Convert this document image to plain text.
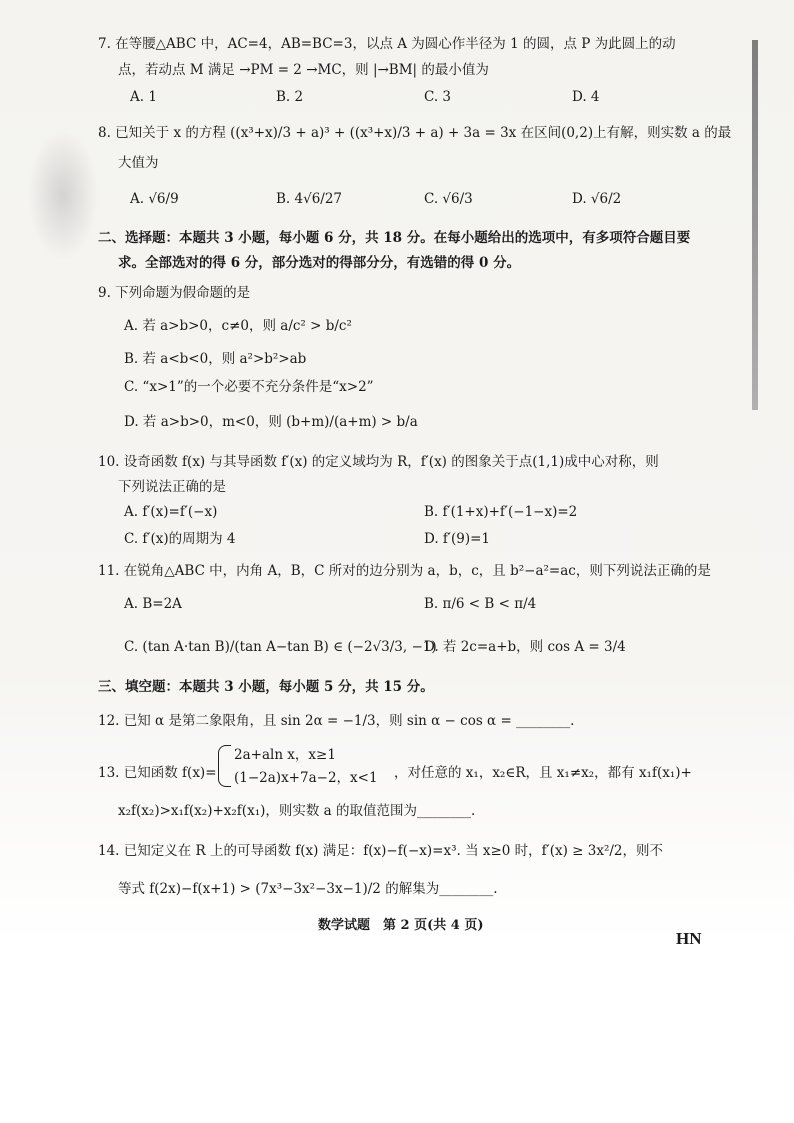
7. 在等腰△ABC 中，AC=4，AB=BC=3，以点 A 为圆心作半径为 1 的圆，点 P 为此圆上的动
点，若动点 M 满足 →PM = 2 →MC，则 |→BM| 的最小值为
A. 1	B. 2	C. 3	D. 4
8. 已知关于 x 的方程 ((x³+x)/3 + a)³ + ((x³+x)/3 + a) + 3a = 3x 在区间(0,2)上有解，则实数 a 的最
大值为
A. √6/9	B. 4√6/27	C. √6/3	D. √6/2
二、选择题：本题共 3 小题，每小题 6 分，共 18 分。在每小题给出的选项中，有多项符合题目要
求。全部选对的得 6 分，部分选对的得部分分，有选错的得 0 分。
9. 下列命题为假命题的是
A. 若 a>b>0，c≠0，则 a/c² > b/c²
B. 若 a<b<0，则 a²>b²>ab
C. “x>1”的一个必要不充分条件是“x>2”
D. 若 a>b>0，m<0，则 (b+m)/(a+m) > b/a
10. 设奇函数 f(x) 与其导函数 f′(x) 的定义域均为 R，f′(x) 的图象关于点(1,1)成中心对称，则
下列说法正确的是
A. f′(x)=f′(−x)	B. f′(1+x)+f′(−1−x)=2
C. f′(x)的周期为 4	D. f′(9)=1
11. 在锐角△ABC 中，内角 A，B，C 所对的边分别为 a，b，c，且 b²−a²=ac，则下列说法正确的是
A. B=2A	B. π/6 < B < π/4
C. (tan A·tan B)/(tan A−tan B) ∈ (−2√3/3, −1)
D. 若 2c=a+b，则 cos A = 3/4
三、填空题：本题共 3 小题，每小题 5 分，共 15 分。
12. 已知 α 是第二象限角，且 sin 2α = −1/3，则 sin α − cos α = ________.
13. 已知函数 f(x)=
2a+aln x，x≥1
(1−2a)x+7a−2，x<1 ，对任意的 x₁，x₂∈R，且 x₁≠x₂，都有 x₁f(x₁)+
x₂f(x₂)>x₁f(x₂)+x₂f(x₁)，则实数 a 的取值范围为________.
14. 已知定义在 R 上的可导函数 f(x) 满足：f(x)−f(−x)=x³. 当 x≥0 时，f′(x) ≥ 3x²/2，则不
等式 f(2x)−f(x+1) > (7x³−3x²−3x−1)/2 的解集为________.
数学试题　第 2 页(共 4 页)
HN
